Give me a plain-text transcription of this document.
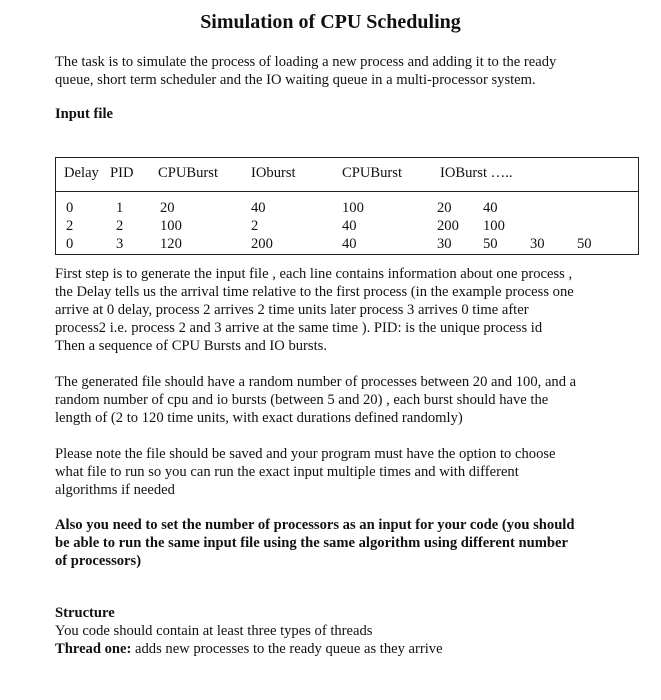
Simulation of CPU Scheduling
The task is to simulate the process of loading a new process and adding it to the ready
queue, short term scheduler and the IO waiting queue in a multi-processor system.
Input file
Delay PID CPUBurst IOburst	CPUBurst	IOBurst …..
0	1	20	40	100	20 40
2	2	100	2	40	200 100
0	3	120	200	40	30 50 30 50
First step is to generate the input file , each line contains information about one process ,
the Delay tells us the arrival time relative to the first process (in the example process one
arrive at 0 delay, process 2 arrives 2 time units later process 3 arrives 0 time after
process2 i.e. process 2 and 3 arrive at the same time ). PID: is the unique process id
Then a sequence of CPU Bursts and IO bursts.
The generated file should have a random number of processes between 20 and 100, and a
random number of cpu and io bursts (between 5 and 20) , each burst should have the
length of (2 to 120 time units, with exact durations defined randomly)
Please note the file should be saved and your program must have the option to choose
what file to run so you can run the exact input multiple times and with different
algorithms if needed
Also you need to set the number of processors as an input for your code (you should
be able to run the same input file using the same algorithm using different number
of processors)
Structure
You code should contain at least three types of threads
Thread one: adds new processes to the ready queue as they arrive
